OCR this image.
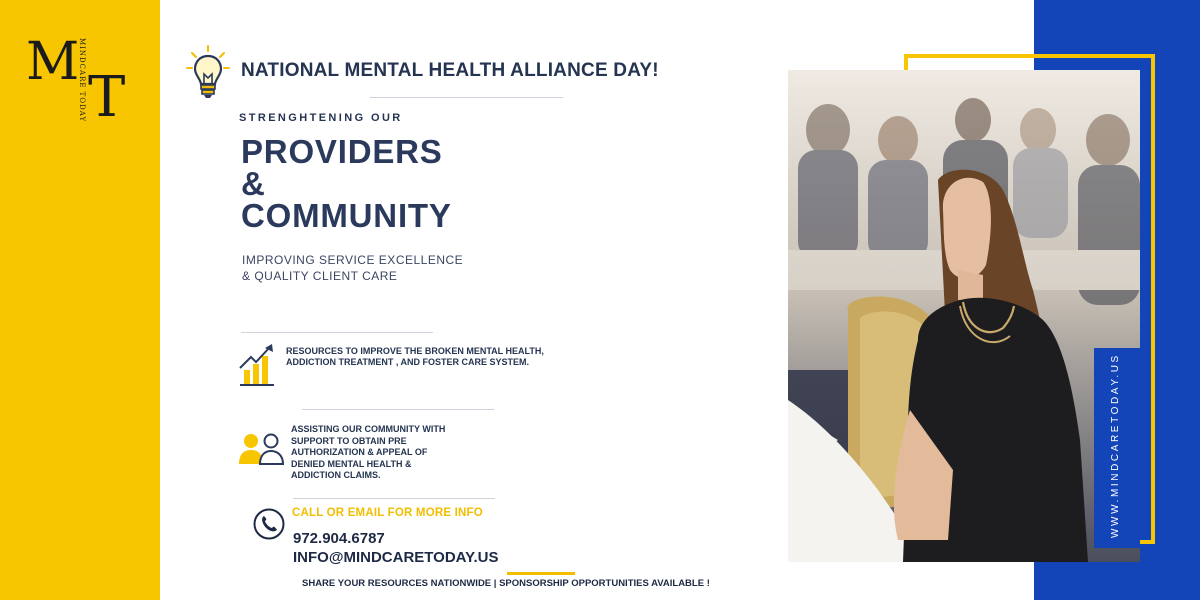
M
MINDCARE TODAY T	NATIONAL MENTAL HEALTH ALLIANCE DAY!
STRENGHTENING OUR
PROVIDERS
&
COMMUNITY
IMPROVING SERVICE EXCELLENCE
& QUALITY CLIENT CARE
RESOURCES TO IMPROVE THE BROKEN MENTAL HEALTH, ADDICTION TREATMENT , AND FOSTER CARE SYSTEM.
ASSISTING OUR COMMUNITY WITH SUPPORT TO OBTAIN PRE AUTHORIZATION & APPEAL OF DENIED MENTAL HEALTH & ADDICTION CLAIMS.
CALL OR EMAIL FOR MORE INFO
972.904.6787
INFO@MINDCARETODAY.US
SHARE YOUR RESOURCES NATIONWIDE | SPONSORSHIP OPPORTUNITIES AVAILABLE !
WWW.MINDCARETODAY.US
